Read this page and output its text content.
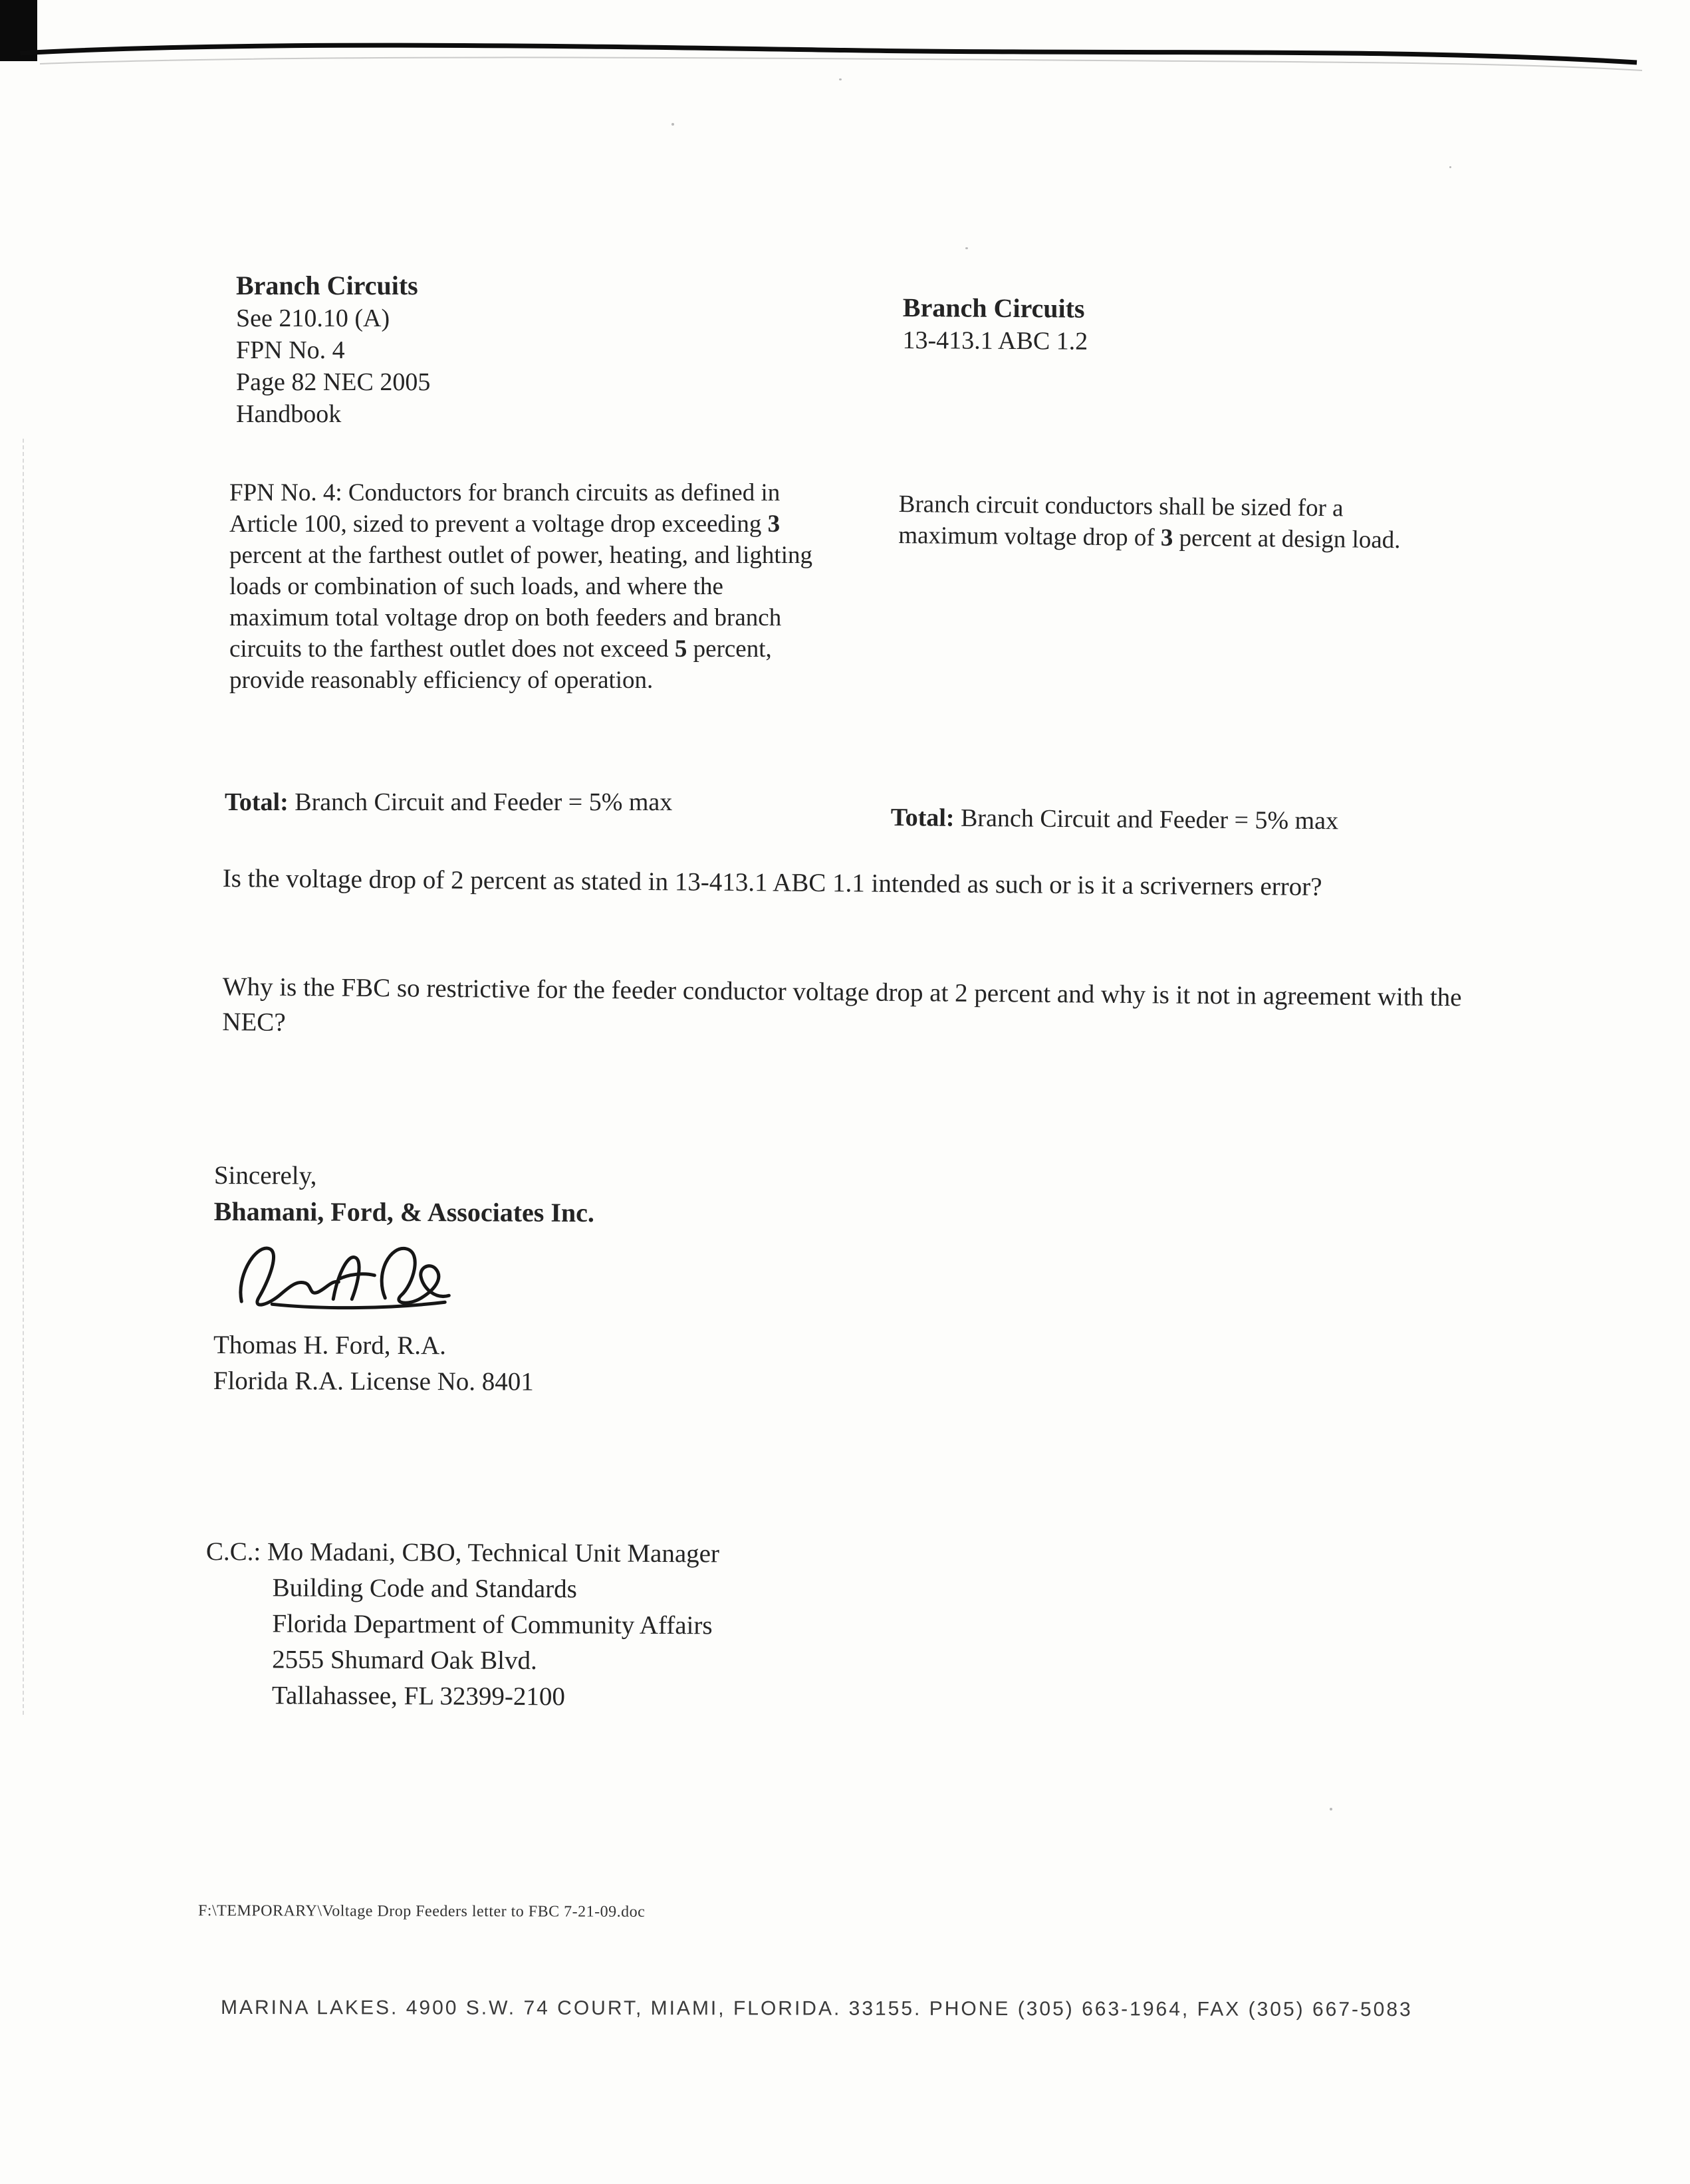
Branch Circuits
See 210.10 (A)
FPN No. 4
Page 82 NEC 2005
Handbook
Branch Circuits
13-413.1 ABC 1.2
FPN No. 4: Conductors for branch circuits as defined in Article 100, sized to prevent a voltage drop exceeding 3 percent at the farthest outlet of power, heating, and lighting loads or combination of such loads, and where the maximum total voltage drop on both feeders and branch circuits to the farthest outlet does not exceed 5 percent, provide reasonably efficiency of operation.
Branch circuit conductors shall be sized for a maximum voltage drop of 3 percent at design load.
Total: Branch Circuit and Feeder = 5% max
Total: Branch Circuit and Feeder = 5% max
Is the voltage drop of 2 percent as stated in 13-413.1 ABC 1.1 intended as such or is it a scriverners error?
Why is the FBC so restrictive for the feeder conductor voltage drop at 2 percent and why is it not in agreement with the NEC?
Sincerely,
Bhamani, Ford, & Associates Inc.
Thomas H. Ford, R.A.
Florida R.A. License No. 8401
C.C.: Mo Madani, CBO, Technical Unit Manager
Building Code and Standards
Florida Department of Community Affairs
2555 Shumard Oak Blvd.
Tallahassee, FL 32399-2100
F:\TEMPORARY\Voltage Drop Feeders letter to FBC 7-21-09.doc
MARINA LAKES. 4900 S.W. 74 COURT, MIAMI, FLORIDA. 33155. PHONE (305) 663-1964, FAX (305) 667-5083
